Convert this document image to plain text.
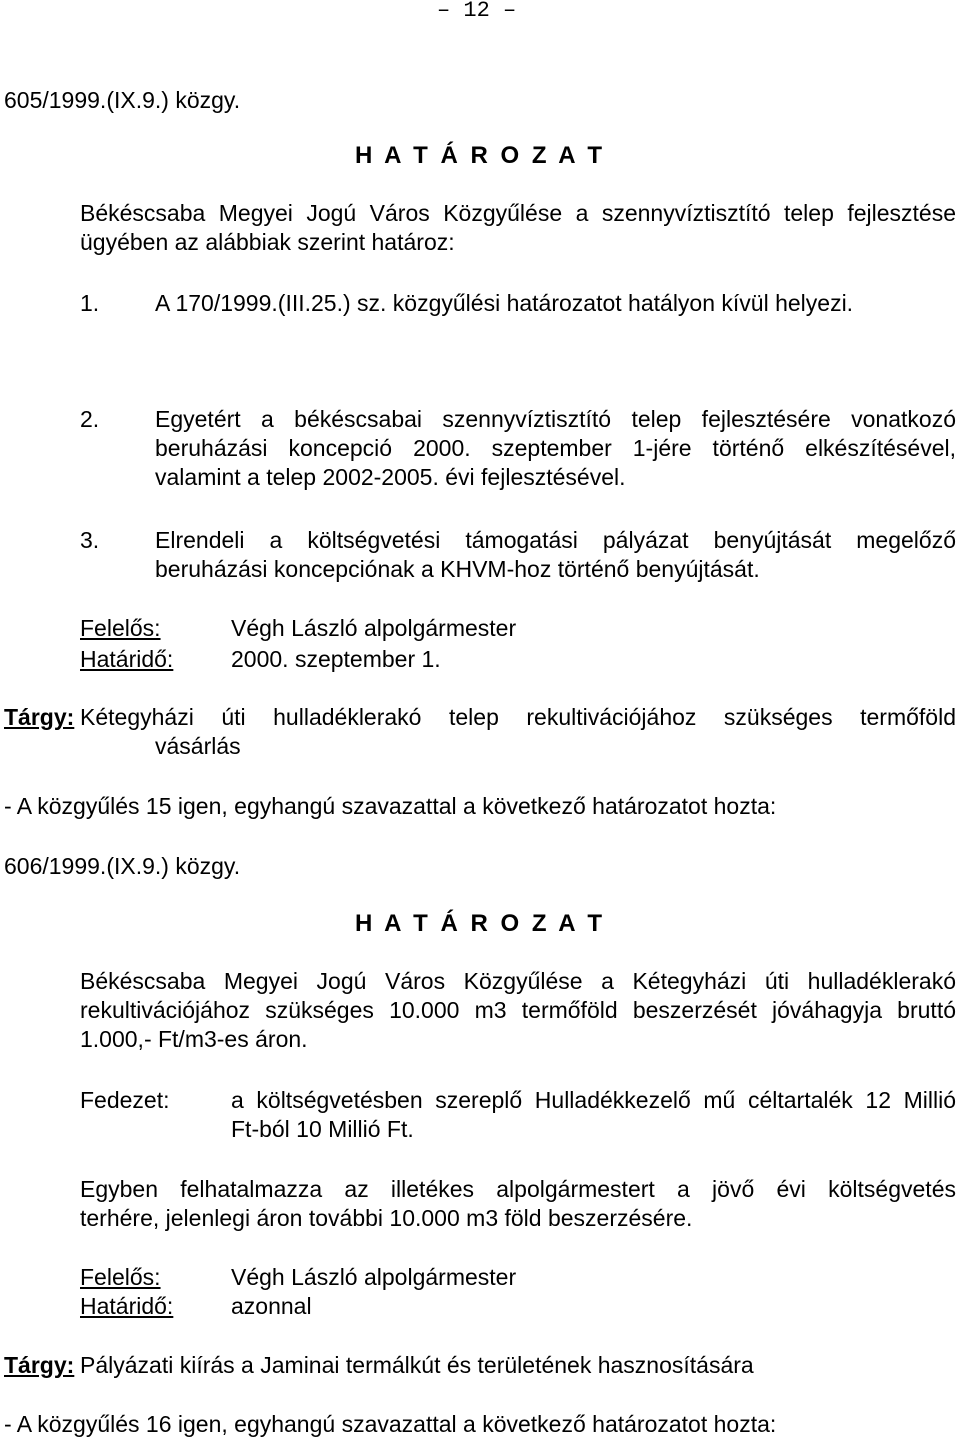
– 12 –
605/1999.(IX.9.) közgy.
H A T Á R O Z A T
Békéscsaba Megyei Jogú Város Közgyűlése a szennyvíztisztító telep fejlesztése
ügyében az alábbiak szerint határoz:
1. A 170/1999.(III.25.) sz. közgyűlési határozatot hatályon kívül helyezi.
2. Egyetért a békéscsabai szennyvíztisztító telep fejlesztésére vonatkozó
beruházási koncepció 2000. szeptember 1-jére történő elkészítésével,
valamint a telep 2002-2005. évi fejlesztésével.
3. Elrendeli a költségvetési támogatási pályázat benyújtását megelőző
beruházási koncepciónak a KHVM-hoz történő benyújtását.
Felelős:	Végh László alpolgármester
Határidő:	2000. szeptember 1.
Tárgy: Kétegyházi úti hulladéklerakó telep rekultivációjához szükséges termőföld
vásárlás
- A közgyűlés 15 igen, egyhangú szavazattal a következő határozatot hozta:
606/1999.(IX.9.) közgy.
H A T Á R O Z A T
Békéscsaba Megyei Jogú Város Közgyűlése a Kétegyházi úti hulladéklerakó
rekultivációjához szükséges 10.000 m3 termőföld beszerzését jóváhagyja bruttó
1.000,- Ft/m3-es áron.
Fedezet:	a költségvetésben szereplő Hulladékkezelő mű céltartalék 12 Millió
Ft-ból 10 Millió Ft.
Egyben felhatalmazza az illetékes alpolgármestert a jövő évi költségvetés
terhére, jelenlegi áron további 10.000 m3 föld beszerzésére.
Felelős:	Végh László alpolgármester
Határidő:	azonnal
Tárgy: Pályázati kiírás a Jaminai termálkút és területének hasznosítására
- A közgyűlés 16 igen, egyhangú szavazattal a következő határozatot hozta:
